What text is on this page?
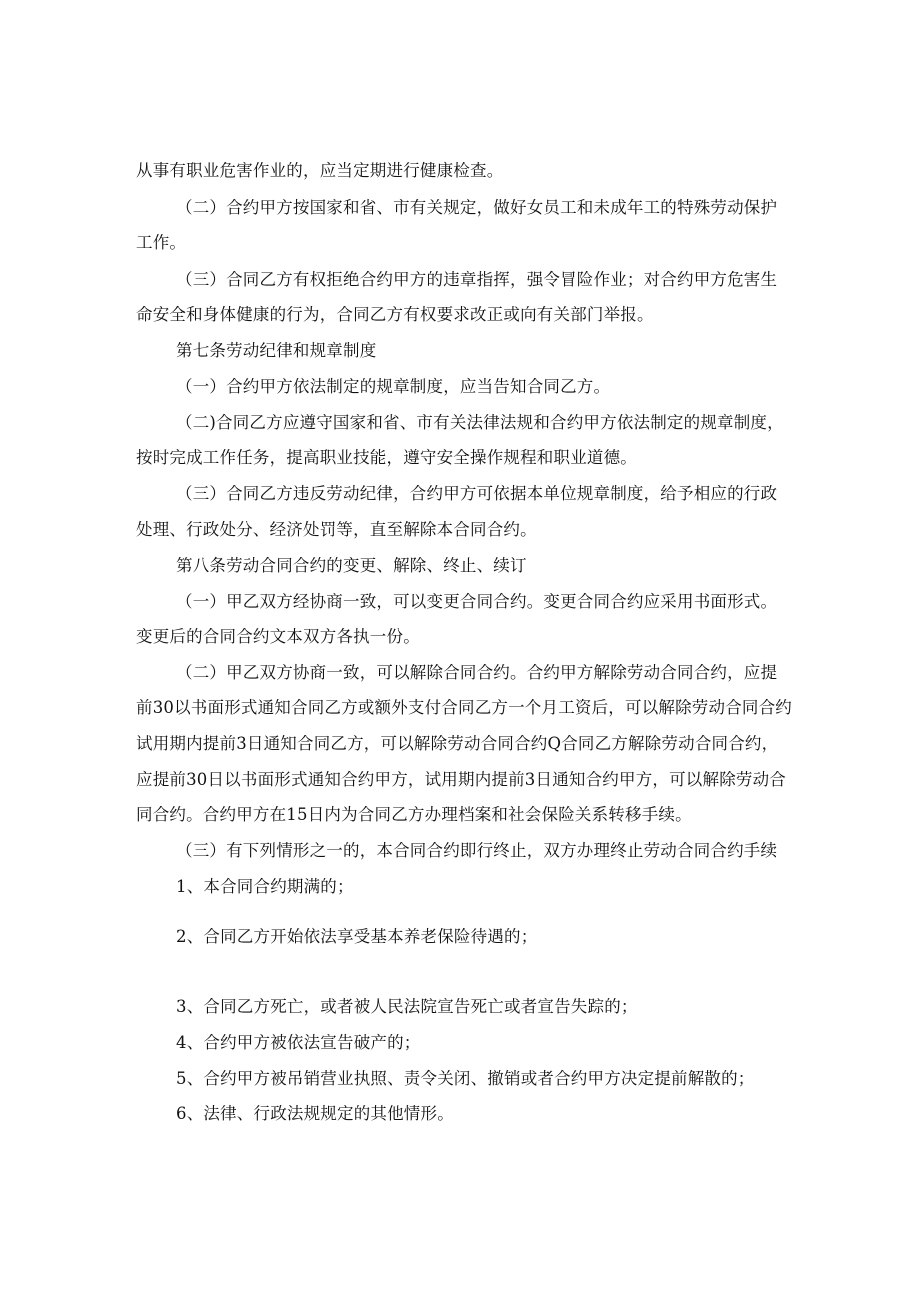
从事有职业危害作业的，应当定期进行健康检查。
（二）合约甲方按国家和省、市有关规定，做好女员工和未成年工的特殊劳动保护
工作。
（三）合同乙方有权拒绝合约甲方的违章指挥，强令冒险作业；对合约甲方危害生
命安全和身体健康的行为，合同乙方有权要求改正或向有关部门举报。
第七条劳动纪律和规章制度
（一）合约甲方依法制定的规章制度，应当告知合同乙方。
（二)合同乙方应遵守国家和省、市有关法律法规和合约甲方依法制定的规章制度，
按时完成工作任务，提高职业技能，遵守安全操作规程和职业道德。
（三）合同乙方违反劳动纪律，合约甲方可依据本单位规章制度，给予相应的行政
处理、行政处分、经济处罚等，直至解除本合同合约。
第八条劳动合同合约的变更、解除、终止、续订
（一）甲乙双方经协商一致，可以变更合同合约。变更合同合约应采用书面形式。
变更后的合同合约文本双方各执一份。
（二）甲乙双方协商一致，可以解除合同合约。合约甲方解除劳动合同合约，应提
前30以书面形式通知合同乙方或额外支付合同乙方一个月工资后，可以解除劳动合同合约
试用期内提前3日通知合同乙方，可以解除劳动合同合约Q合同乙方解除劳动合同合约，
应提前30日以书面形式通知合约甲方，试用期内提前3日通知合约甲方，可以解除劳动合
同合约。合约甲方在15日内为合同乙方办理档案和社会保险关系转移手续。
（三）有下列情形之一的，本合同合约即行终止，双方办理终止劳动合同合约手续
1、本合同合约期满的；
2、合同乙方开始依法享受基本养老保险待遇的；
3、合同乙方死亡，或者被人民法院宣告死亡或者宣告失踪的；
4、合约甲方被依法宣告破产的；
5、合约甲方被吊销营业执照、责令关闭、撤销或者合约甲方决定提前解散的；
6、法律、行政法规规定的其他情形。
